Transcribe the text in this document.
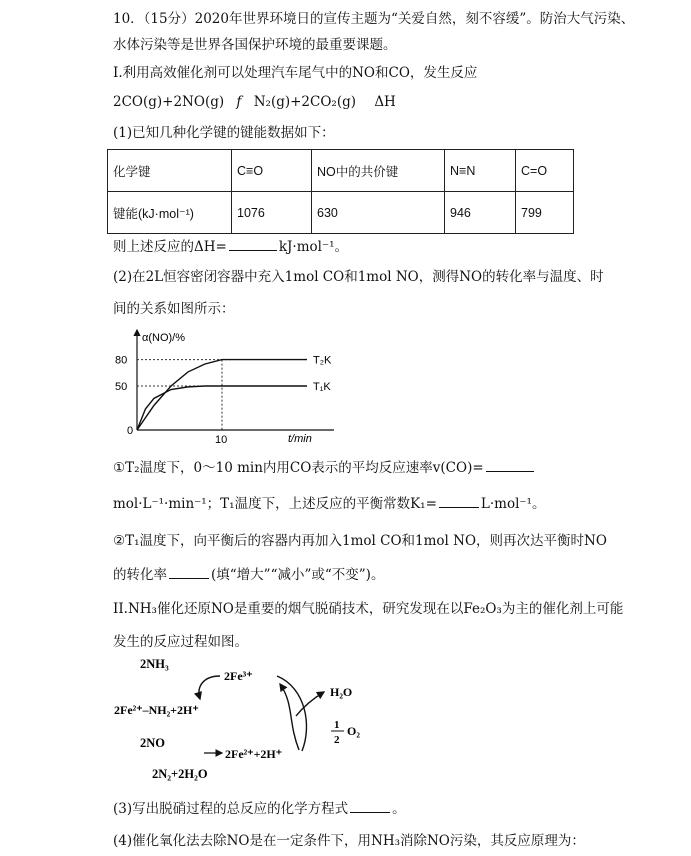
10．（15分）2020年世界环境日的宣传主题为“关爱自然，刻不容缓”。防治大气污染、
水体污染等是世界各国保护环境的最重要课题。
I.利用高效催化剂可以处理汽车尾气中的NO和CO，发生反应
2CO(g)+2NO(g) f N₂(g)+2CO₂(g) ΔH
(1)已知几种化学键的键能数据如下：
化学键	C≡O	NO中的共价键	N≡N	C=O
键能(kJ·mol⁻¹)	1076	630	946	799
则上述反应的ΔH=	kJ·mol⁻¹。
(2)在2L恒容密闭容器中充入1mol CO和1mol NO，测得NO的转化率与温度、时
间的关系如图所示：
α(NO)/%
t/min
0
50
80
10
T₂K
T₁K
①T₂温度下，0～10 min内用CO表示的平均反应速率v(CO)=
mol·L⁻¹·min⁻¹；T₁温度下，上述反应的平衡常数K₁=	L·mol⁻¹。
②T₁温度下，向平衡后的容器内再加入1mol CO和1mol NO，则再次达平衡时NO
的转化率	(填“增大”“减小”或“不变”)。
II.NH₃催化还原NO是重要的烟气脱硝技术，研究发现在以Fe₂O₃为主的催化剂上可能
发生的反应过程如图。
2NH₃
2Fe³⁺
2Fe²⁺–NH₂+2H⁺
H₂O
1
2
O₂
2NO
2Fe²⁺+2H⁺
2N₂+2H₂O
(3)写出脱硝过程的总反应的化学方程式	。
(4)催化氧化法去除NO是在一定条件下，用NH₃消除NO污染，其反应原理为：
